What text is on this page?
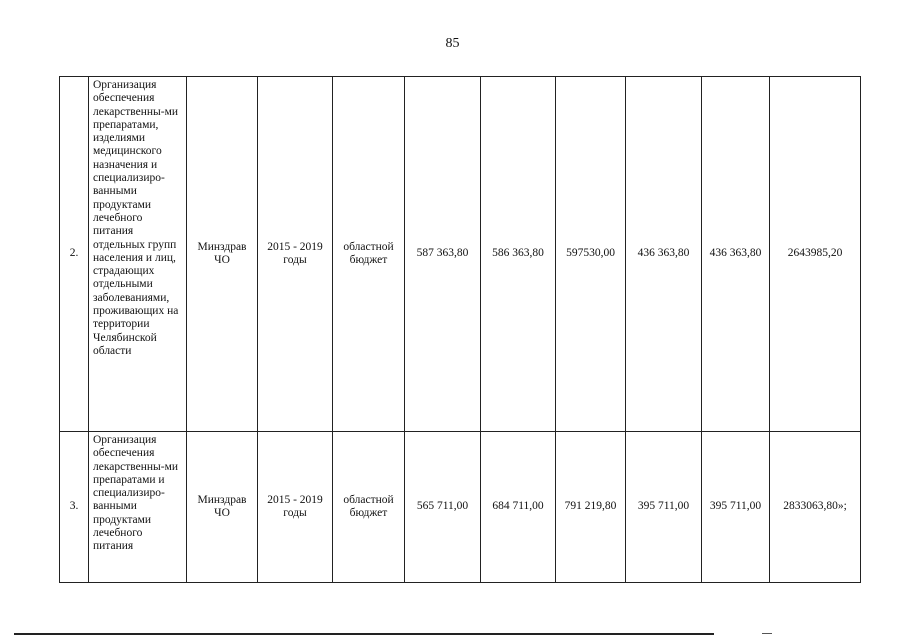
85
2.	Организация обеспечения лекарственны-ми препаратами, изделиями медицинского назначения и специализиро-ванными продуктами лечебного питания отдельных групп населения и лиц, страдающих отдельными заболеваниями, проживающих на территории Челябинской области	Минздрав ЧО	2015 - 2019 годы	областной бюджет	587 363,80	586 363,80	597530,00	436 363,80	436 363,80	2643985,20
3.	Организация обеспечения лекарственны-ми препаратами и специализиро-ванными продуктами лечебного питания	Минздрав ЧО	2015 - 2019 годы	областной бюджет	565 711,00	684 711,00	791 219,80	395 711,00	395 711,00	2833063,80»;
